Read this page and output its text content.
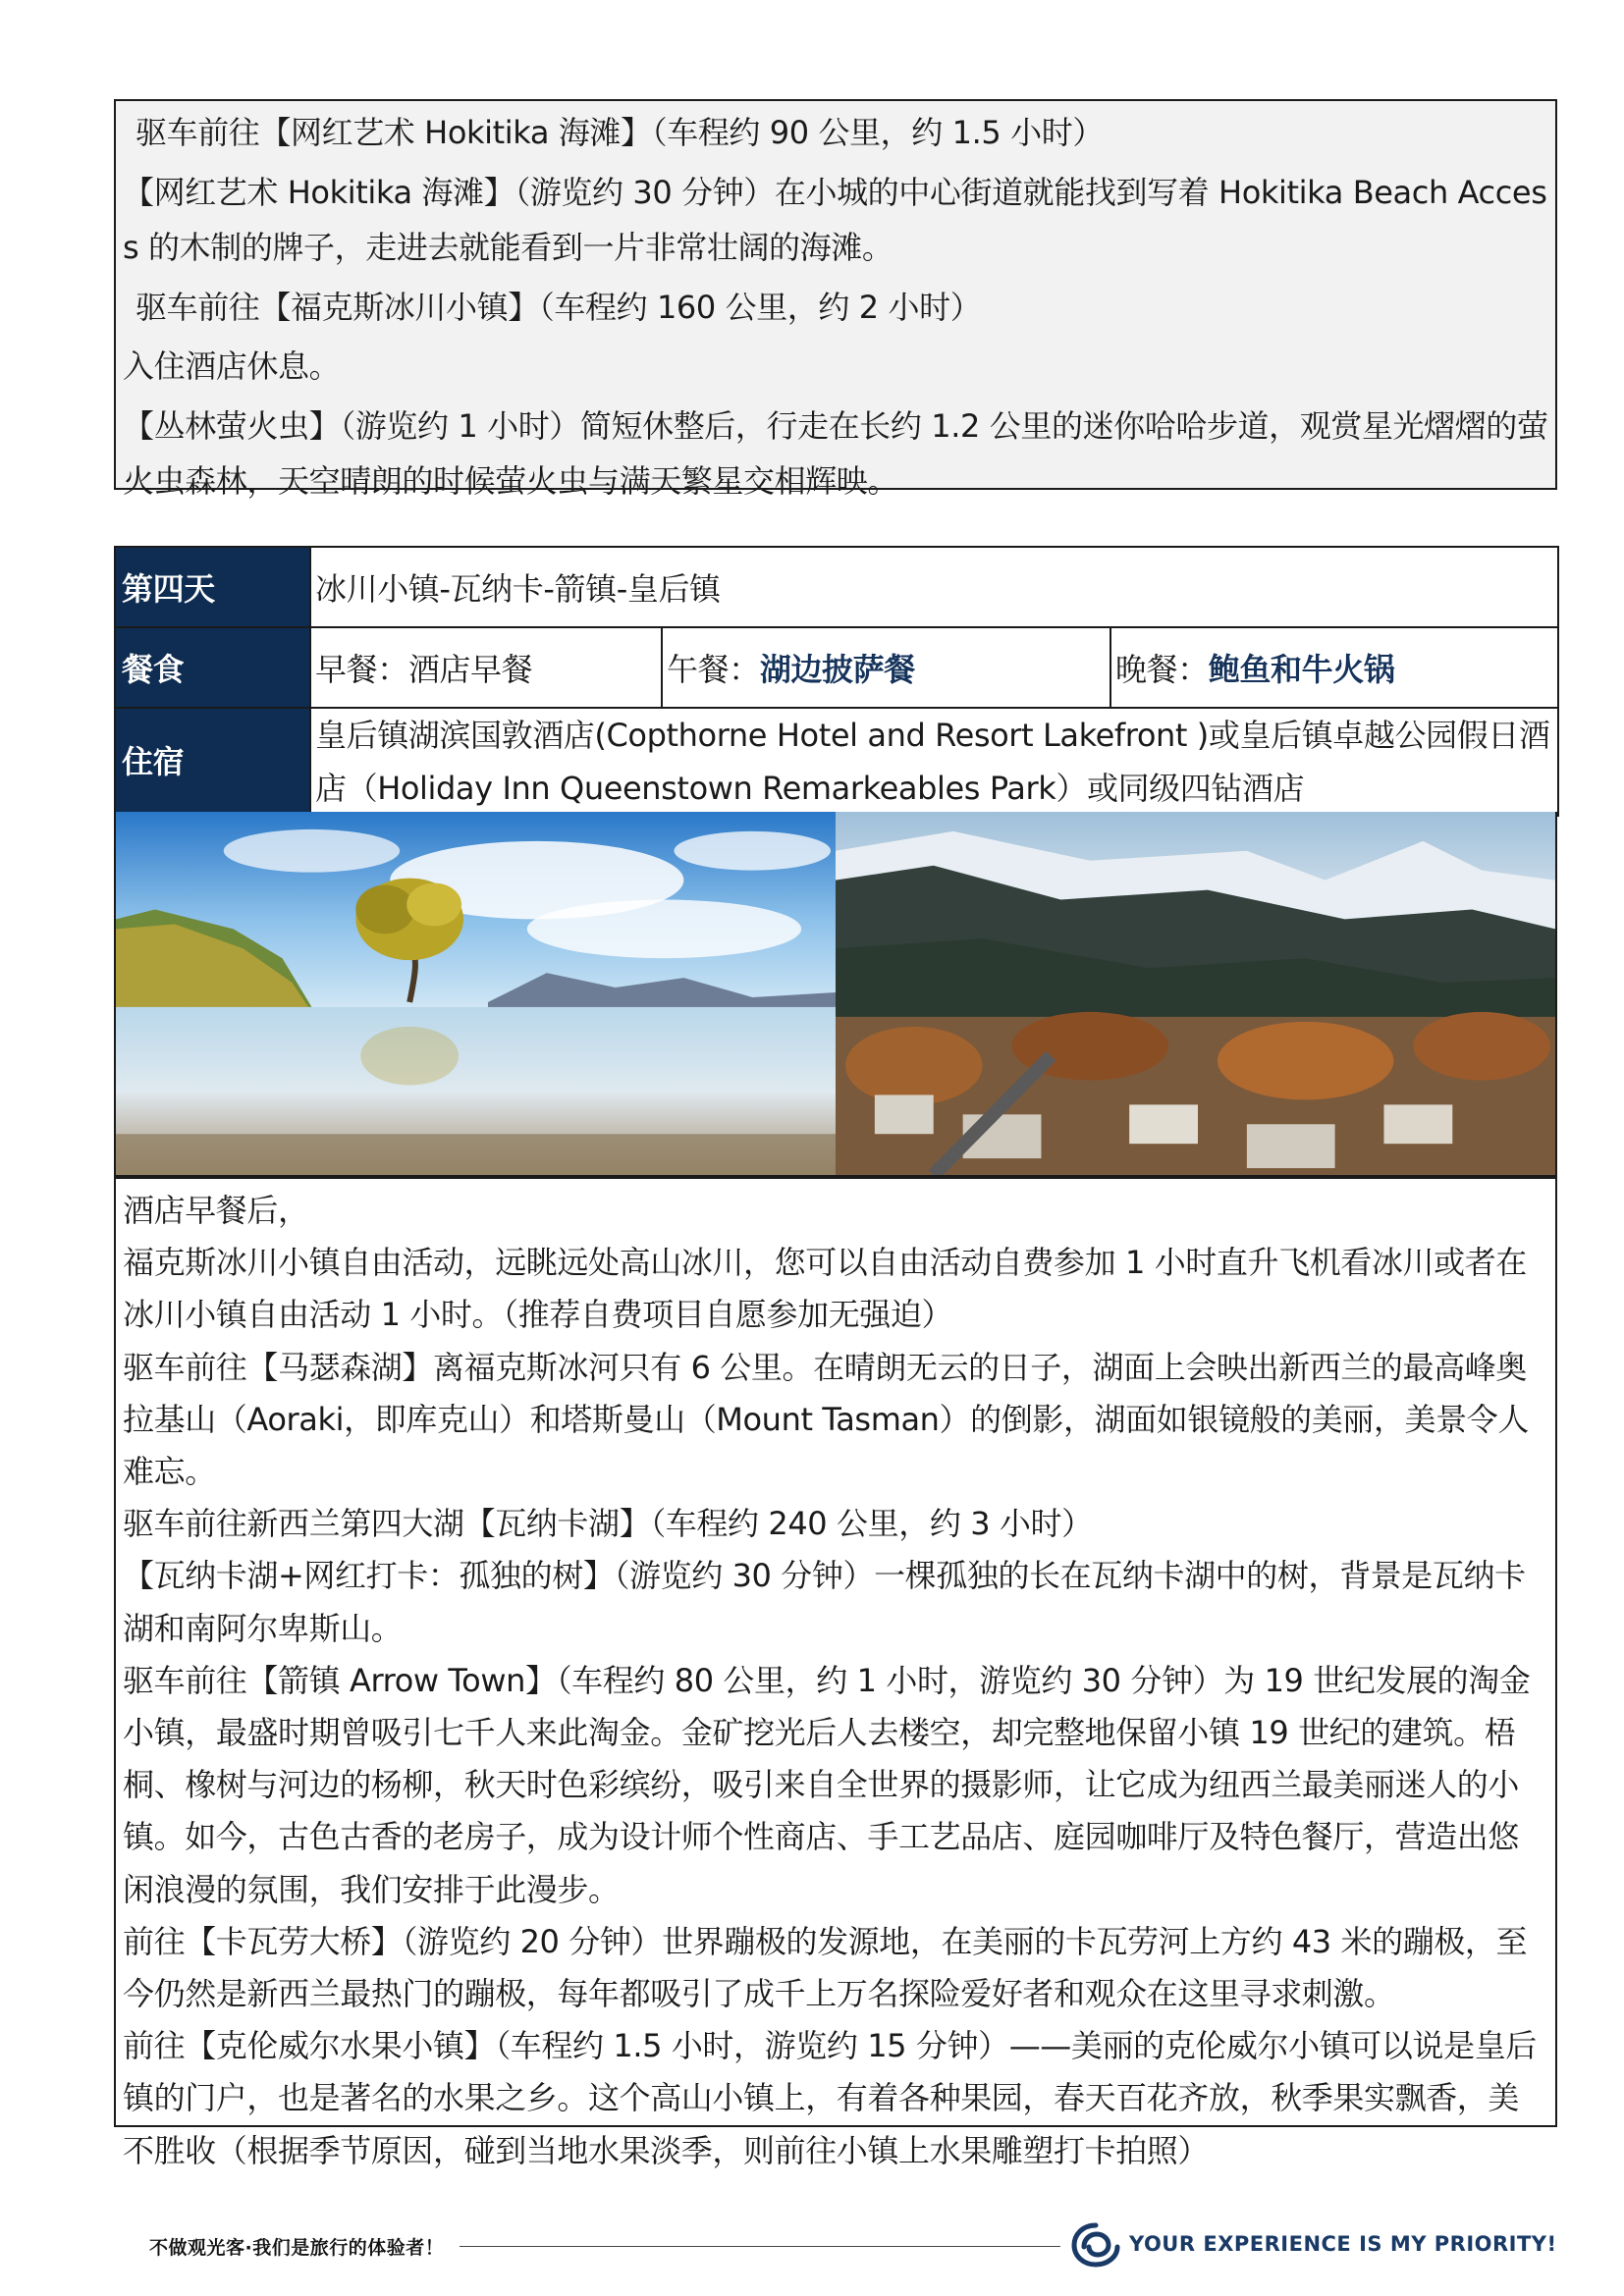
驱车前往【网红艺术 Hokitika 海滩】（车程约 90 公里，约 1.5 小时）

【网红艺术 Hokitika 海滩】（游览约 30 分钟）在小城的中心街道就能找到写着 Hokitika Beach Access 的木制的牌子，走进去就能看到一片非常壮阔的海滩。

驱车前往【福克斯冰川小镇】（车程约 160 公里，约 2 小时）

入住酒店休息。

【丛林萤火虫】（游览约 1 小时）简短休整后，行走在长约 1.2 公里的迷你哈哈步道，观赏星光熠熠的萤火虫森林，天空晴朗的时候萤火虫与满天繁星交相辉映。

第四天	冰川小镇-瓦纳卡-箭镇-皇后镇		
餐食	早餐：酒店早餐	午餐：湖边披萨餐	晚餐：鲍鱼和牛火锅
住宿	皇后镇湖滨国敦酒店(Copthorne Hotel and Resort Lakefront )或皇后镇卓越公园假日酒店（Holiday Inn Queenstown Remarkeables Park）或同级四钻酒店		

酒店早餐后，

福克斯冰川小镇自由活动，远眺远处高山冰川，您可以自由活动自费参加 1 小时直升飞机看冰川或者在冰川小镇自由活动 1 小时。（推荐自费项目自愿参加无强迫）

驱车前往【马瑟森湖】离福克斯冰河只有 6 公里。在晴朗无云的日子，湖面上会映出新西兰的最高峰奥拉基山（Aoraki，即库克山）和塔斯曼山（Mount Tasman）的倒影，湖面如银镜般的美丽，美景令人难忘。

驱车前往新西兰第四大湖【瓦纳卡湖】（车程约 240 公里，约 3 小时）

【瓦纳卡湖+网红打卡：孤独的树】（游览约 30 分钟）一棵孤独的长在瓦纳卡湖中的树，背景是瓦纳卡湖和南阿尔卑斯山。

驱车前往【箭镇 Arrow Town】（车程约 80 公里，约 1 小时，游览约 30 分钟）为 19 世纪发展的淘金小镇，最盛时期曾吸引七千人来此淘金。金矿挖光后人去楼空，却完整地保留小镇 19 世纪的建筑。梧桐、橡树与河边的杨柳，秋天时色彩缤纷，吸引来自全世界的摄影师，让它成为纽西兰最美丽迷人的小镇。如今，古色古香的老房子，成为设计师个性商店、手工艺品店、庭园咖啡厅及特色餐厅，营造出悠闲浪漫的氛围，我们安排于此漫步。

前往【卡瓦劳大桥】（游览约 20 分钟）世界蹦极的发源地，在美丽的卡瓦劳河上方约 43 米的蹦极，至今仍然是新西兰最热门的蹦极，每年都吸引了成千上万名探险爱好者和观众在这里寻求刺激。

前往【克伦威尔水果小镇】（车程约 1.5 小时，游览约 15 分钟）——美丽的克伦威尔小镇可以说是皇后镇的门户，也是著名的水果之乡。这个高山小镇上，有着各种果园，春天百花齐放，秋季果实飘香，美不胜收（根据季节原因，碰到当地水果淡季，则前往小镇上水果雕塑打卡拍照）

不做观光客·我们是旅行的体验者！	YOUR EXPERIENCE IS MY PRIORITY!
